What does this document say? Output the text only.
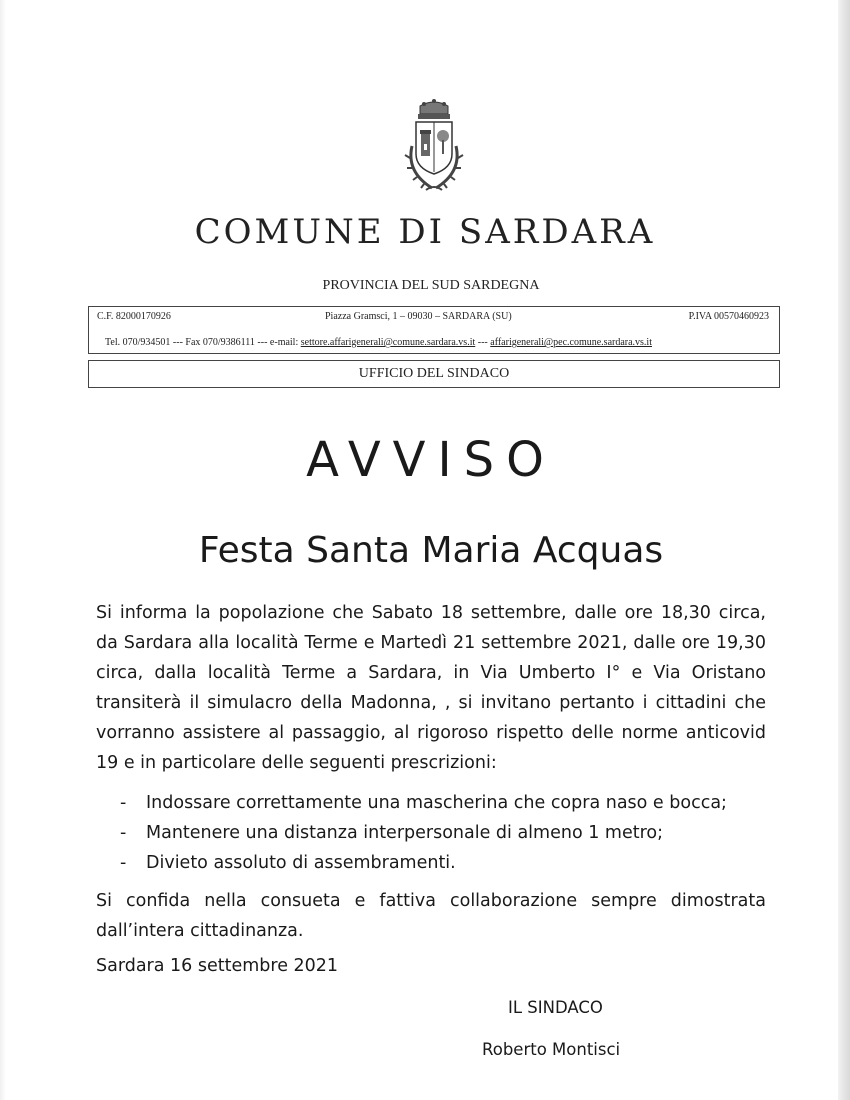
COMUNE DI SARDARA
PROVINCIA DEL SUD SARDEGNA
C.F. 82000170926	Piazza Gramsci, 1 – 09030 – SARDARA (SU)	P.IVA 00570460923
Tel. 070/934501 --- Fax 070/9386111 --- e-mail: settore.affarigenerali@comune.sardara.vs.it --- affarigenerali@pec.comune.sardara.vs.it
UFFICIO DEL SINDACO
AVVISO
Festa Santa Maria Acquas
Si informa la popolazione che Sabato 18 settembre, dalle ore 18,30 circa, da Sardara alla località Terme e Martedì 21 settembre 2021, dalle ore 19,30 circa, dalla località Terme a Sardara, in Via Umberto I° e Via Oristano transiterà il simulacro della Madonna, , si invitano pertanto i cittadini che vorranno assistere al passaggio, al rigoroso rispetto delle norme anticovid 19 e in particolare delle seguenti prescrizioni:
- Indossare correttamente una mascherina che copra naso e bocca;
- Mantenere una distanza interpersonale di almeno 1 metro;
- Divieto assoluto di assembramenti.
Si confida nella consueta e fattiva collaborazione sempre dimostrata dall’intera cittadinanza.
Sardara 16 settembre 2021
IL SINDACO
Roberto Montisci
